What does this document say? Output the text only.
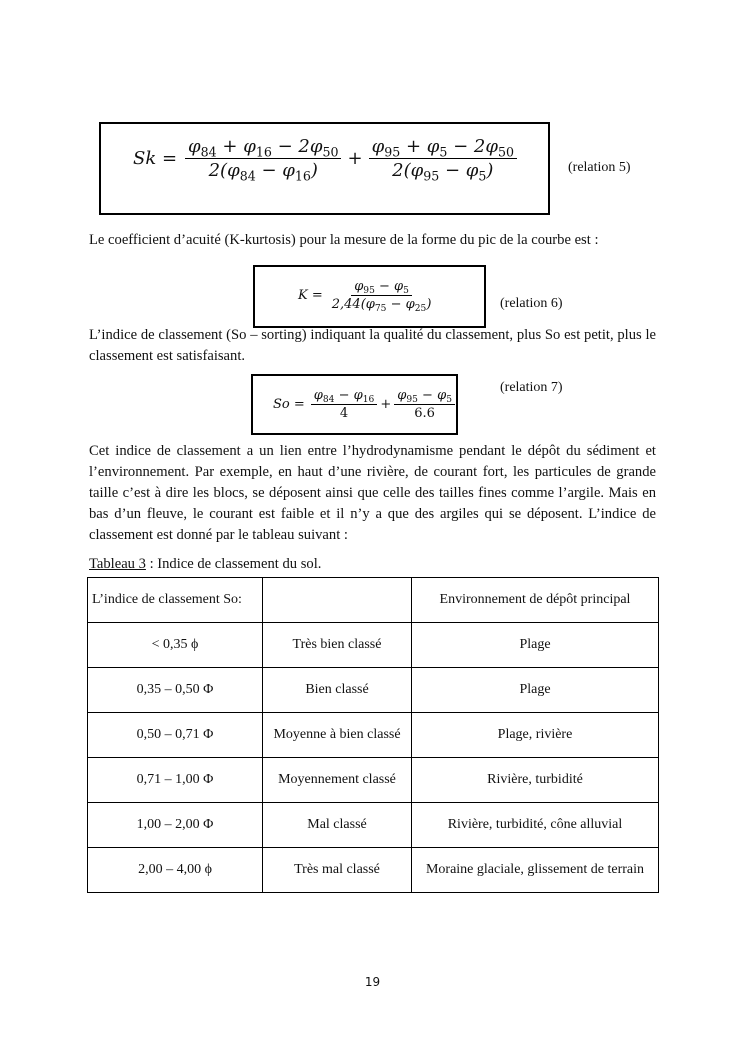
$Sk = \frac{\varphi_{84} + \varphi_{16} - 2\varphi_{50}}{2(\varphi_{84} - \varphi_{16})} + \frac{\varphi_{95} + \varphi_5 - 2\varphi_{50}}{2(\varphi_{95} - \varphi_5)}$	(relation 5)
Le coefficient d’acuité (K-kurtosis) pour la mesure de la forme du pic de la courbe est :
$K = \frac{\varphi_{95} - \varphi_5}{2,44(\varphi_{75} - \varphi_{25})}$	(relation 6)
L’indice de classement (So – sorting) indiquant la qualité du classement, plus So est petit, plus le classement est satisfaisant.
$So = \frac{\varphi_{84} - \varphi_{16}}{4} + \frac{\varphi_{95} - \varphi_5}{6.6}$
(relation 7)
Cet indice de classement a un lien entre l’hydrodynamisme pendant le dépôt du sédiment et l’environnement. Par exemple, en haut d’une rivière, de courant fort, les particules de grande taille c’est à dire les blocs, se déposent ainsi que celle des tailles fines comme l’argile. Mais en bas d’un fleuve, le courant est faible et il n’y a que des argiles qui se déposent. L’indice de classement est donné par le tableau suivant :
Tableau 3 : Indice de classement du sol.
L’indice de classement So:		Environnement de dépôt principal
< 0,35 ϕ	Très bien classé	Plage
0,35 – 0,50 Φ	Bien classé	Plage
0,50 – 0,71 Φ	Moyenne à bien classé	Plage, rivière
0,71 – 1,00 Φ	Moyennement classé	Rivière, turbidité
1,00 – 2,00 Φ	Mal classé	Rivière, turbidité, cône alluvial
2,00 – 4,00 ϕ	Très mal classé	Moraine glaciale, glissement de terrain
19
